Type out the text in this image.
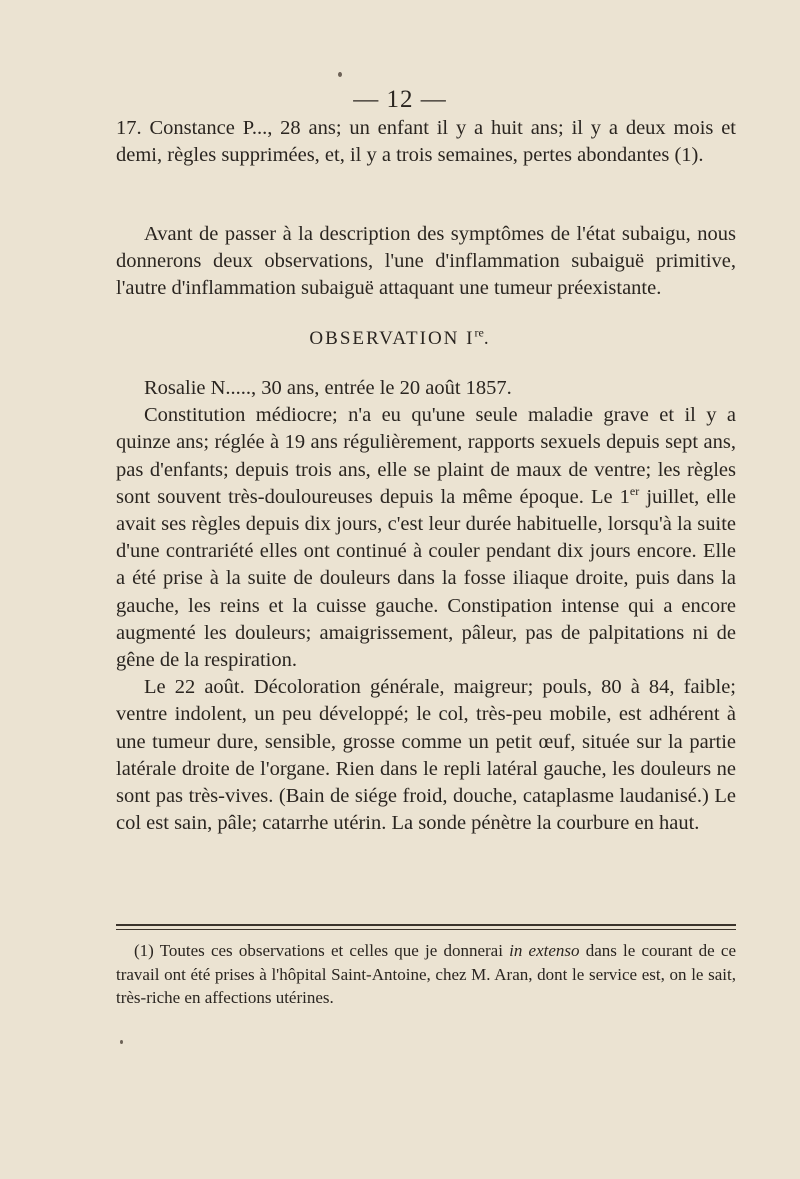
— 12 —

17. Constance P..., 28 ans; un enfant il y a huit ans; il y a deux mois et demi, règles supprimées, et, il y a trois semaines, pertes abondantes (1).

Avant de passer à la description des symptômes de l'état subaigu, nous donnerons deux observations, l'une d'inflammation subaiguë primitive, l'autre d'inflammation subaiguë attaquant une tumeur préexistante.

OBSERVATION Ire.

Rosalie N....., 30 ans, entrée le 20 août 1857.

Constitution médiocre; n'a eu qu'une seule maladie grave et il y a quinze ans; réglée à 19 ans régulièrement, rapports sexuels depuis sept ans, pas d'enfants; depuis trois ans, elle se plaint de maux de ventre; les règles sont souvent très-douloureuses depuis la même époque. Le 1er juillet, elle avait ses règles depuis dix jours, c'est leur durée habituelle, lorsqu'à la suite d'une contrariété elles ont continué à couler pendant dix jours encore. Elle a été prise à la suite de douleurs dans la fosse iliaque droite, puis dans la gauche, les reins et la cuisse gauche. Constipation intense qui a encore augmenté les douleurs; amaigrissement, pâleur, pas de palpitations ni de gêne de la respiration.

Le 22 août. Décoloration générale, maigreur; pouls, 80 à 84, faible; ventre indolent, un peu développé; le col, très-peu mobile, est adhérent à une tumeur dure, sensible, grosse comme un petit œuf, située sur la partie latérale droite de l'organe. Rien dans le repli latéral gauche, les douleurs ne sont pas très-vives. (Bain de siége froid, douche, cataplasme laudanisé.) Le col est sain, pâle; catarrhe utérin. La sonde pénètre la courbure en haut.

(1) Toutes ces observations et celles que je donnerai in extenso dans le courant de ce travail ont été prises à l'hôpital Saint-Antoine, chez M. Aran, dont le service est, on le sait, très-riche en affections utérines.
